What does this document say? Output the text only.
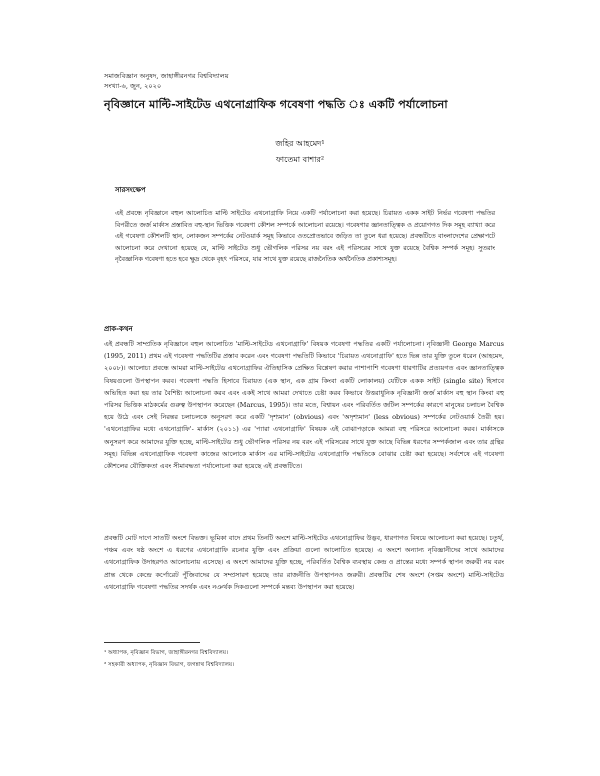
সমাজবিজ্ঞান অনুষদ, জাহাঙ্গীরনগর বিশ্ববিদ্যালয়
সংখ্যা-৬, জুন, ২০২০
নৃবিজ্ঞানে মাল্টি-সাইটেড এথনোগ্রাফিক গবেষণা পদ্ধতি ঃ একটি পর্যালোচনা
জহির আহমেদ¹
ফাতেমা বাশার²
সারসংক্ষেপ
এই প্রবন্ধে নৃবিজ্ঞানে বহুল আলোচিত মাল্টি সাইটেড এথনোগ্রাফি নিয়ে একটি পর্যালোচনা করা হয়েছে। চিরায়ত একক সাইট নির্ভর গবেষণা পদ্ধতির বিপরীতে জর্জ মার্কাস প্রস্তাবিত বহু-স্থান ভিত্তিক গবেষণা কৌশল সম্পর্কে আলোচনা রয়েছে। গবেষণার জ্ঞানতাত্ত্বিক ও প্রয়োগগত দিক সমূহ ব্যাখ্যা করে এই গবেষণা কৌশলটি স্থান, লোকজন সম্পর্কের নেটওয়ার্ক সমূহ কিভাবে ওতপ্রোতভাবে জড়িত তা তুলে ধরা হয়েছে। প্রবন্ধটিতে বাংলাদেশের প্রেক্ষাপটে আলোচনা করে দেখানো হয়েছে যে, মাল্টি সাইটেড শুধু ভৌগলিক পরিসর নয় বরং এই পরিসরের সাথে যুক্ত রয়েছে বৈশ্বিক সম্পর্ক সমূহ। সুতরাং নৃবৈজ্ঞানিক গবেষণা হতে হবে ক্ষুদ্র থেকে বৃহৎ পরিসরে, যার সাথে যুক্ত রয়েছে রাজনৈতিক অর্থনৈতিক প্রকাশ্যসমূহ।
প্রাক-কথন
এই প্রবন্ধটি সাম্প্রতিক নৃবিজ্ঞানে বহুল আলোচিত 'মাল্টি-সাইটেড এথনোগ্রাফি' বিষয়ক গবেষণা পদ্ধতির একটি পর্যালোচনা। নৃবিজ্ঞানী George Marcus (1995, 2011) প্রথম এই গবেষণা পদ্ধতিটির প্রস্তাব করেন এবং গবেষণা পদ্ধতিটি কিভাবে 'চিরায়ত এথনোগ্রাফি' হতে ভিন্ন তার যুক্তি তুলে ধরেন (আহমেদ, ২০০৮)। আলোচ্য প্রবন্ধে আমরা মাল্টি-সাইটেড এথনোগ্রাফির ঐতিহাসিক প্রেক্ষিত বিশ্লেষণ করার পাশাপাশি গবেষণা ধারণাটির প্রত্যয়গত এবং জ্ঞানতাত্ত্বিক বিষয়গুলো উপস্থাপন করব। গবেষণা পদ্ধতি হিসাবে চিরায়ত (এক স্থান, এক গ্রাম কিংবা একটি লোকালয়) যেটিকে একক সাইট (single site) হিসাবে অভিহিত করা হয় তার বৈশিষ্ট্য আলোচনা করব এবং একই সাথে আমরা দেখাতে চেষ্টা করব কিভাবে উত্তরাধুনিক নৃবিজ্ঞানী জর্জ মার্কাস বহু স্থান কিংবা বহু পরিসর ভিত্তিক মাঠকর্মের গুরুত্ব উপস্থাপন করেছেন (Marcus, 1995)। তার মতে, বিশ্বায়ন এবং পরিবর্তিত জটিল সম্পর্কের কারণে মানুষের চলাচল বৈশ্বিক হয়ে উঠে এবং সেই নিরন্তর চলাচলকে অনুসরণ করে একটি 'দৃশ্যমান' (obvious) এবং 'অদৃশ্যমান' (less obvious) সম্পর্কের নেটওয়ার্ক তৈরী হয়। 'এথনোগ্রাফির মধ্যে এথনোগ্রাফি'- মার্কাস (২০১১) এর 'প্যারা এথনোগ্রাফি' বিষয়ক এই বোঝাপড়াকে আমরা বহু পরিসরে আলোচনা করব। মার্কাসকে অনুসরণ করে আমাদের যুক্তি হচ্ছে, মাল্টি-সাইটেড শুধু ভৌগলিক পরিসর নয় বরং এই পরিসরের সাথে যুক্ত আছে বিভিন্ন ধরণের সম্পর্কজাল এবং তার গ্রন্থির সমূহ। বিভিন্ন এথনোগ্রাফিক গবেষণা কাজের আলোকে মার্কাস এর মাল্টি-সাইটেড এথনোগ্রাফি পদ্ধতিকে বোঝার চেষ্টা করা হয়েছে। সর্বশেষে এই গবেষণা কৌশলের যৌক্তিকতা এবং সীমাবদ্ধতা পর্যালোচনা করা হয়েছে এই প্রবন্ধটিতে।
প্রবন্ধটি মোট দাগে সাতটি অংশে বিভক্ত। ভূমিকা বাদে প্রথম তিনটি অংশে মাল্টি-সাইটেড এথনোগ্রাফির উদ্ভব, ধারণাগত বিষয়ে আলোচনা করা হয়েছে। চতুর্থ, পঞ্চম এবং ষষ্ঠ অংশে এ ধরণের এথনোগ্রাফি রচনার যুক্তি এবং প্রক্রিয়া গুলো আলোচিত হয়েছে। এ অংশে অন্যান্য নৃবিজ্ঞানীদের সাথে আমাদের এথনোগ্রাফিক উদাহরণও আলোচনায় এসেছে। এ অংশে আমাদের যুক্তি হচ্ছে, পরিবর্তিত বৈশ্বিক ব্যবস্থায় কেন্দ্র ও প্রান্তের মধ্যে সম্পর্ক স্থাপন জরুরী নয় বরং প্রান্ত থেকে কেন্দ্রে কর্পোরেট পুঁজিবাদের যে সম্প্রসারণ হয়েছে তার রাজনীতি উপস্থাপনও জরুরী। প্রবন্ধটির শেষ অংশে (সপ্তম অংশে) মাল্টি-সাইটেড এথনোগ্রাফি গবেষণা পদ্ধতির সদর্থক এবং নঞর্থক দিকগুলো সম্পর্কে মন্তব্য উপস্থাপন করা হয়েছে।
¹ অধ্যাপক, নৃবিজ্ঞান বিভাগ, জাহাঙ্গীরনগর বিশ্ববিদ্যালয়।
² সহকারী অধ্যাপক, নৃবিজ্ঞান বিভাগ, জগন্নাথ বিশ্ববিদ্যালয়।
